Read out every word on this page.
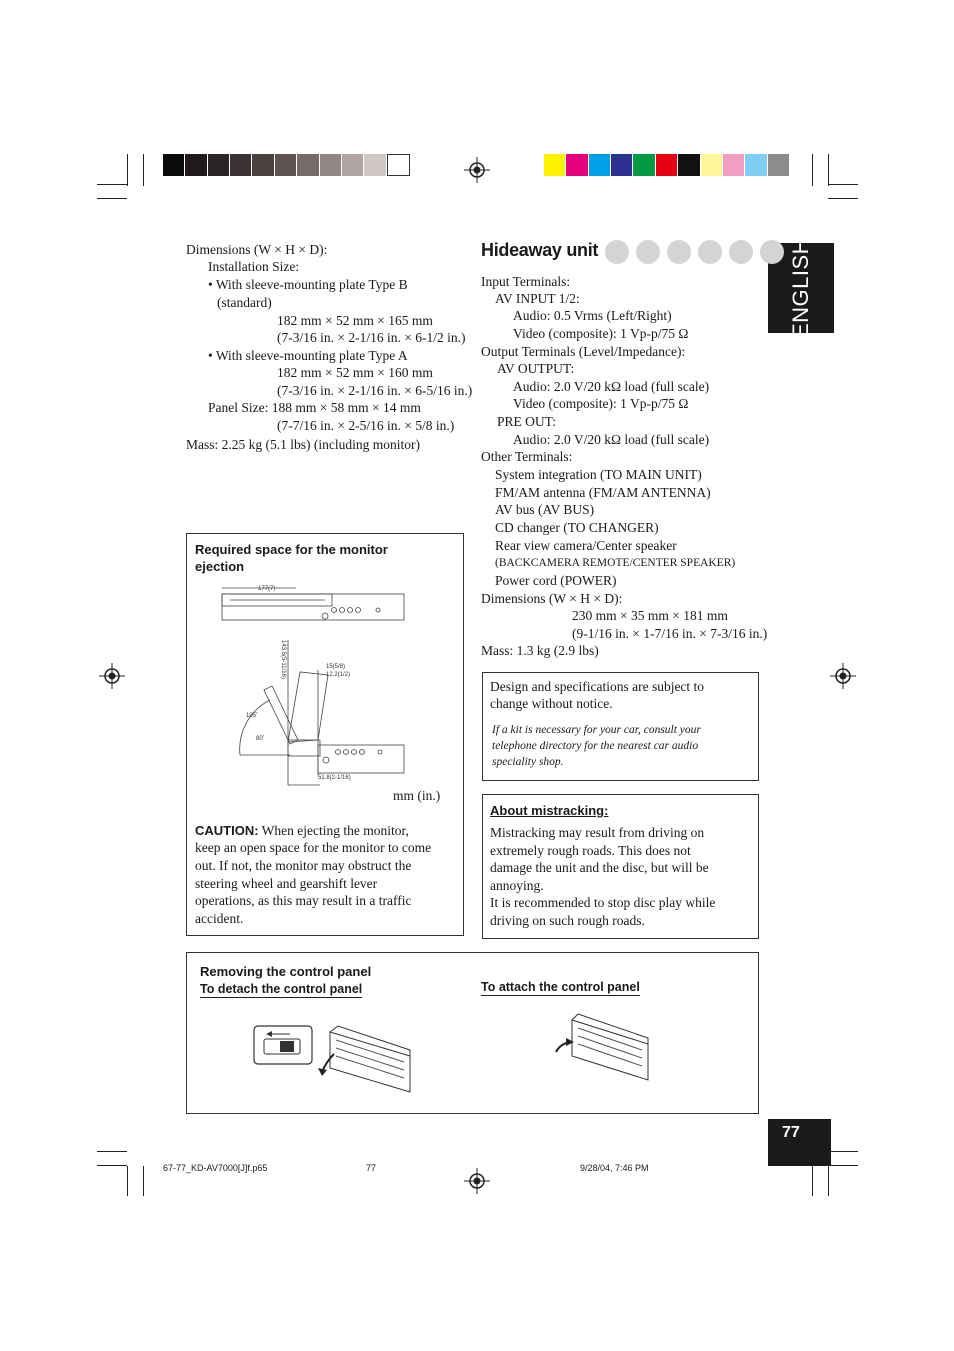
ENGLISH
77
Dimensions (W × H × D):
Installation Size:
• With sleeve-mounting plate Type B
(standard)
182 mm × 52 mm × 165 mm
(7-3/16 in. × 2-1/16 in. × 6-1/2 in.)
• With sleeve-mounting plate Type A
182 mm × 52 mm × 160 mm
(7-3/16 in. × 2-1/16 in. × 6-5/16 in.)
Panel Size: 188 mm × 58 mm × 14 mm
(7-7/16 in. × 2-5/16 in. × 5/8 in.)
Mass: 2.25 kg (5.1 lbs) (including monitor)
Hideaway unit
Input Terminals:
AV INPUT 1/2:
Audio: 0.5 Vrms (Left/Right)
Video (composite): 1 Vp-p/75 Ω
Output Terminals (Level/Impedance):
AV OUTPUT:
Audio: 2.0 V/20 kΩ load (full scale)
Video (composite): 1 Vp-p/75 Ω
PRE OUT:
Audio: 2.0 V/20 kΩ load (full scale)
Other Terminals:
System integration (TO MAIN UNIT)
FM/AM antenna (FM/AM ANTENNA)
AV bus (AV BUS)
CD changer (TO CHANGER)
Rear view camera/Center speaker
(BACKCAMERA REMOTE/CENTER SPEAKER)
Power cord (POWER)
Dimensions (W × H × D):
230 mm × 35 mm × 181 mm
(9-1/16 in. × 1-7/16 in. × 7-3/16 in.)
Mass: 1.3 kg (2.9 lbs)
Design and specifications are subject to
change without notice.
If a kit is necessary for your car, consult your
telephone directory for the nearest car audio
speciality shop.
About mistracking:
Mistracking may result from driving on
extremely rough roads. This does not
damage the unit and the disc, but will be
annoying.
It is recommended to stop disc play while
driving on such rough roads.
Required space for the monitor
ejection
177(7)
143.5(5-11/16)	15(5/8)
12.2(1/2)
105˚
80˚
51.8(2-1/16)
mm (in.)
CAUTION: When ejecting the monitor,
keep an open space for the monitor to come
out. If not, the monitor may obstruct the
steering wheel and gearshift lever
operations, as this may result in a traffic
accident.
Removing the control panel
To detach the control panel	To attach the control panel
67-77_KD-AV7000[J]f.p65	77	9/28/04, 7:46 PM
